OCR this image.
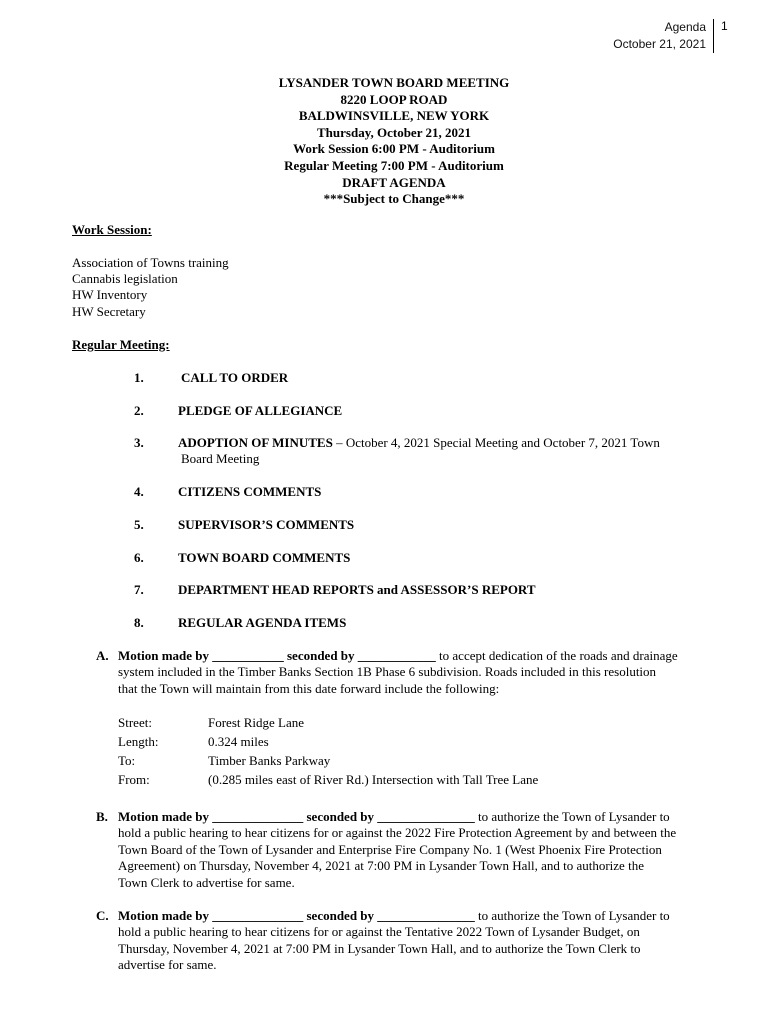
Agenda
October 21, 2021
1
LYSANDER TOWN BOARD MEETING
8220 LOOP ROAD
BALDWINSVILLE, NEW YORK
Thursday, October 21, 2021
Work Session 6:00 PM - Auditorium
Regular Meeting 7:00 PM - Auditorium
DRAFT AGENDA
***Subject to Change***
Work Session:
Association of Towns training
Cannabis legislation
HW Inventory
HW Secretary
Regular Meeting:
1.	CALL TO ORDER
2.	PLEDGE OF ALLEGIANCE
3.	ADOPTION OF MINUTES – October 4, 2021 Special Meeting and October 7, 2021 Town
Board Meeting
4.	CITIZENS COMMENTS
5.	SUPERVISOR’S COMMENTS
6.	TOWN BOARD COMMENTS
7.	DEPARTMENT HEAD REPORTS and ASSESSOR’S REPORT
8.	REGULAR AGENDA ITEMS
A. Motion made by ___________ seconded by ____________ to accept dedication of the roads and drainage
system included in the Timber Banks Section 1B Phase 6 subdivision. Roads included in this resolution
that the Town will maintain from this date forward include the following:
Street:	Forest Ridge Lane
Length:	0.324 miles
To:	Timber Banks Parkway
From:	(0.285 miles east of River Rd.) Intersection with Tall Tree Lane
B. Motion made by ______________ seconded by _______________ to authorize the Town of Lysander to
hold a public hearing to hear citizens for or against the 2022 Fire Protection Agreement by and between the
Town Board of the Town of Lysander and Enterprise Fire Company No. 1 (West Phoenix Fire Protection
Agreement) on Thursday, November 4, 2021 at 7:00 PM in Lysander Town Hall, and to authorize the
Town Clerk to advertise for same.
C. Motion made by ______________ seconded by _______________ to authorize the Town of Lysander to
hold a public hearing to hear citizens for or against the Tentative 2022 Town of Lysander Budget, on
Thursday, November 4, 2021 at 7:00 PM in Lysander Town Hall, and to authorize the Town Clerk to
advertise for same.
